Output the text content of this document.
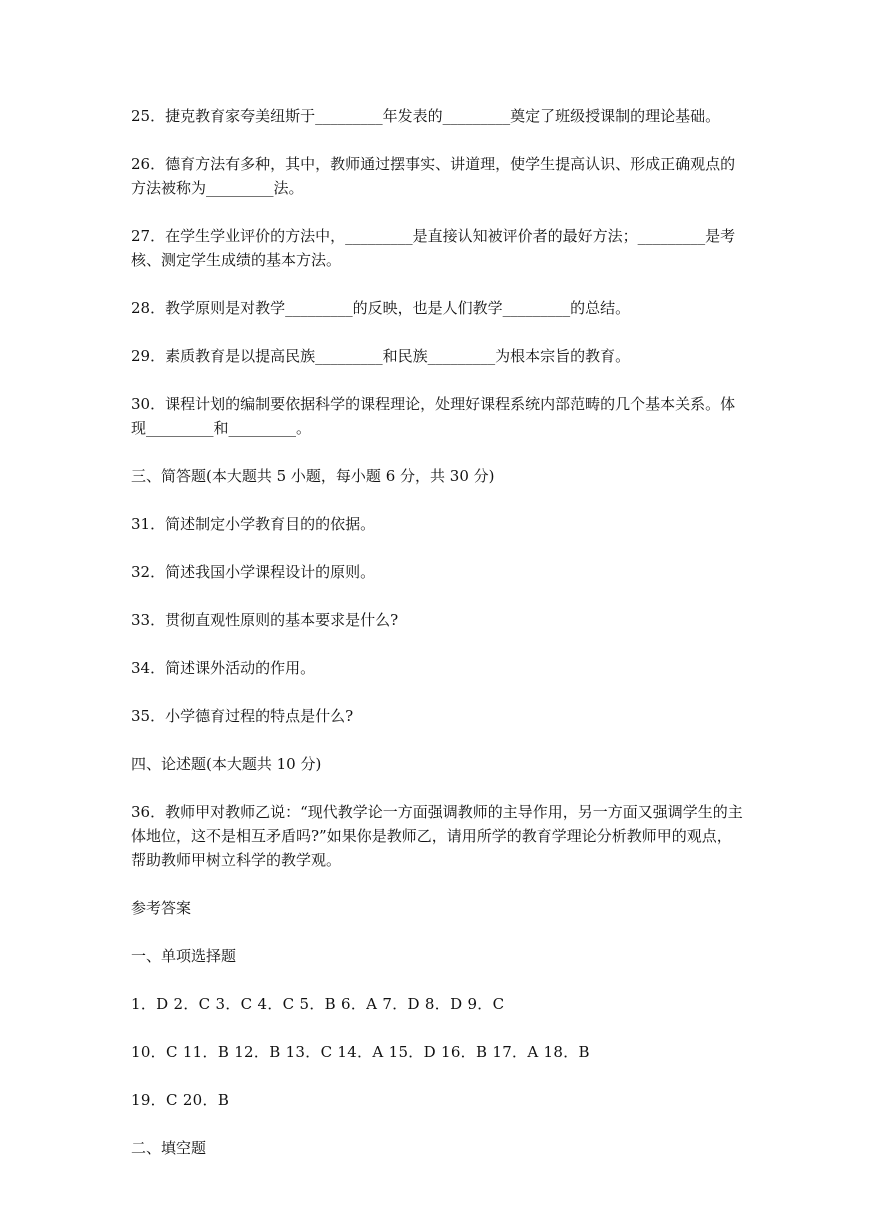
25．捷克教育家夸美纽斯于_________年发表的_________奠定了班级授课制的理论基础。

26．德育方法有多种，其中，教师通过摆事实、讲道理，使学生提高认识、形成正确观点的方法被称为_________法。

27．在学生学业评价的方法中，_________是直接认知被评价者的最好方法；_________是考核、测定学生成绩的基本方法。

28．教学原则是对教学_________的反映，也是人们教学_________的总结。

29．素质教育是以提高民族_________和民族_________为根本宗旨的教育。

30．课程计划的编制要依据科学的课程理论，处理好课程系统内部范畴的几个基本关系。体现_________和_________。

三、简答题(本大题共 5 小题，每小题 6 分，共 30 分)

31．简述制定小学教育目的的依据。

32．简述我国小学课程设计的原则。

33．贯彻直观性原则的基本要求是什么?

34．简述课外活动的作用。

35．小学德育过程的特点是什么?

四、论述题(本大题共 10 分)

36．教师甲对教师乙说：“现代教学论一方面强调教师的主导作用，另一方面又强调学生的主体地位，这不是相互矛盾吗?”如果你是教师乙，请用所学的教育学理论分析教师甲的观点，帮助教师甲树立科学的教学观。

参考答案

一、单项选择题

1．D 2．C 3．C 4．C 5．B 6．A 7．D 8．D 9．C

10．C 11．B 12．B 13．C 14．A 15．D 16．B 17．A 18．B

19．C 20．B

二、填空题
